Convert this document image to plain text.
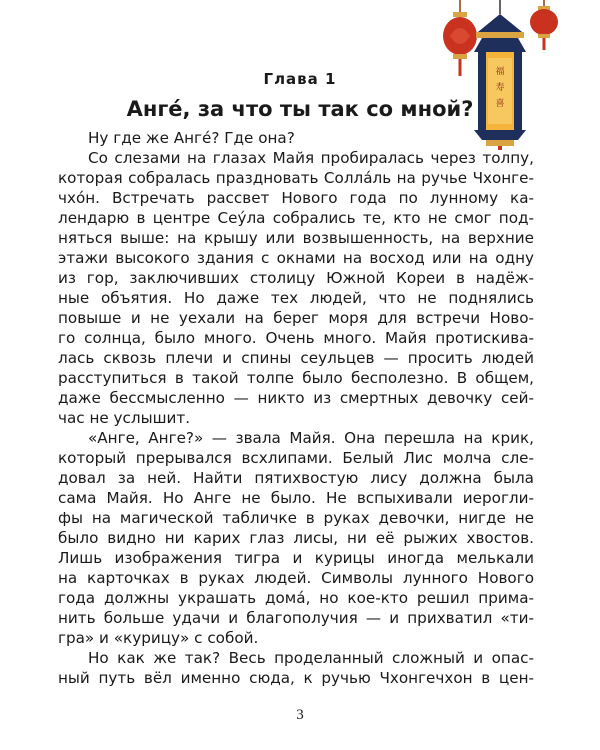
福
寿
喜
Глава 1
Анге́, за что ты так со мной?
Ну где же Анге́? Где она?
Со слезами на глазах Майя пробиралась через толпу,
которая собралась праздновать Солла́ль на ручье Чхонге-
чхо́н. Встречать рассвет Нового года по лунному ка-
лендарю в центре Сеу́ла собрались те, кто не смог под-
няться выше: на крышу или возвышенность, на верхние
этажи высокого здания с окнами на восход или на одну
из гор, заключивших столицу Южной Кореи в надёж-
ные объятия. Но даже тех людей, что не поднялись
повыше и не уехали на берег моря для встречи Ново-
го солнца, было много. Очень много. Майя протискива-
лась сквозь плечи и спины сеульцев — просить людей
расступиться в такой толпе было бесполезно. В общем,
даже бессмысленно — никто из смертных девочку сей-
час не услышит.
«Анге, Анге?» — звала Майя. Она перешла на крик,
который прерывался всхлипами. Белый Лис молча сле-
довал за ней. Найти пятихвостую лису должна была
сама Майя. Но Анге не было. Не вспыхивали иерогли-
фы на магической табличке в руках девочки, нигде не
было видно ни карих глаз лисы, ни её рыжих хвостов.
Лишь изображения тигра и курицы иногда мелькали
на карточках в руках людей. Символы лунного Нового
года должны украшать дома́, но кое-кто решил прима-
нить больше удачи и благополучия — и прихватил «ти-
гра» и «курицу» с собой.
Но как же так? Весь проделанный сложный и опас-
ный путь вёл именно сюда, к ручью Чхонгечхон в цен-
3
